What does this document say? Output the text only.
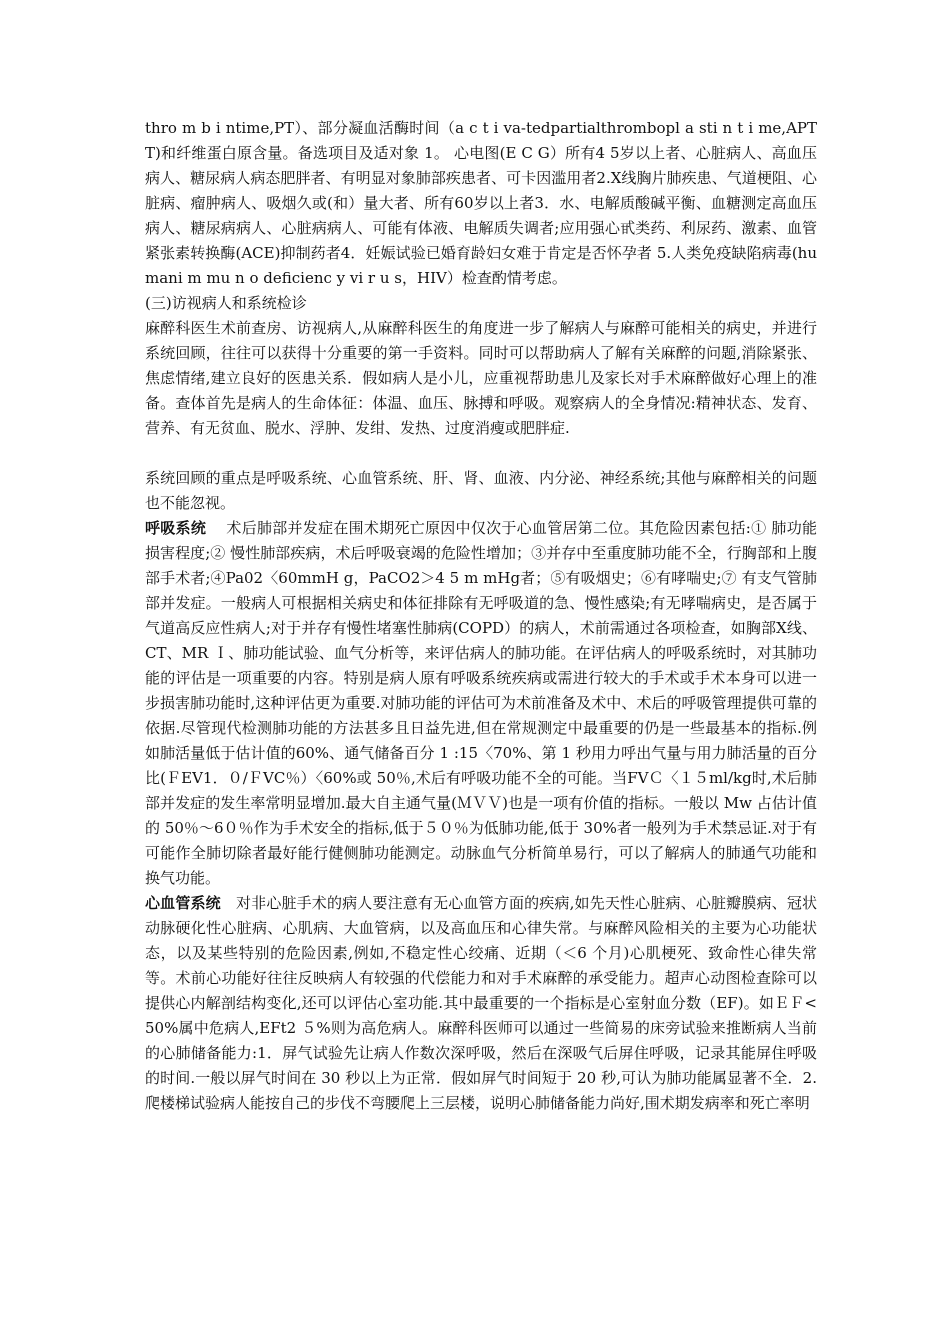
thro m b i ntime,PT）、部分凝血活酶时间（a c t i va-tedpartialthrombopl a sti n t i me,APTT)和纤维蛋白原含量。备选项目及适对象 1。 心电图(E C G）所有4 5岁以上者、心脏病人、高血压病人、糖尿病人病态肥胖者、有明显对象肺部疾患者、可卡因滥用者2.X线胸片肺疾患、气道梗阻、心脏病、瘤肿病人、吸烟久或(和）量大者、所有60岁以上者3．水、电解质酸碱平衡、血糖测定高血压病人、糖尿病病人、心脏病病人、可能有体液、电解质失调者;应用强心甙类药、利尿药、激素、血管紧张素转换酶(ACE)抑制药者4．妊娠试验已婚育龄妇女难于肯定是否怀孕者 5.人类免疫缺陷病毒(humani m mu n o deficienc y vi r u s，HIV）检查酌情考虑。

(三)访视病人和系统检诊

麻醉科医生术前查房、访视病人,从麻醉科医生的角度进一步了解病人与麻醉可能相关的病史，并进行系统回顾，往往可以获得十分重要的第一手资料。同时可以帮助病人了解有关麻醉的问题,消除紧张、焦虑情绪,建立良好的医患关系．假如病人是小儿，应重视帮助患儿及家长对手术麻醉做好心理上的准备。查体首先是病人的生命体征：体温、血压、脉搏和呼吸。观察病人的全身情况:精神状态、发育、营养、有无贫血、脱水、浮肿、发绀、发热、过度消瘦或肥胖症.

系统回顾的重点是呼吸系统、心血管系统、肝、肾、血液、内分泌、神经系统;其他与麻醉相关的问题也不能忽视。

呼吸系统　 术后肺部并发症在围术期死亡原因中仅次于心血管居第二位。其危险因素包括:① 肺功能损害程度;② 慢性肺部疾病，术后呼吸衰竭的危险性增加；③并存中至重度肺功能不全，行胸部和上腹部手术者;④Pa02〈60mmH g，PaCO2＞4 5 m mHg者；⑤有吸烟史；⑥有哮喘史;⑦ 有支气管肺部并发症。一般病人可根据相关病史和体征排除有无呼吸道的急、慢性感染;有无哮喘病史，是否属于气道高反应性病人;对于并存有慢性堵塞性肺病(COPD）的病人，术前需通过各项检查，如胸部X线、CT、MR Ｉ、肺功能试验、血气分析等，来评估病人的肺功能。在评估病人的呼吸系统时，对其肺功能的评估是一项重要的内容。特别是病人原有呼吸系统疾病或需进行较大的手术或手术本身可以进一步损害肺功能时,这种评估更为重要.对肺功能的评估可为术前准备及术中、术后的呼吸管理提供可靠的依据.尽管现代检测肺功能的方法甚多且日益先进,但在常规测定中最重要的仍是一些最基本的指标.例如肺活量低于估计值的60%、通气储备百分 1 :15〈70%、第 1 秒用力呼出气量与用力肺活量的百分比(ＦEV1．０/ＦVC％）〈60%或 50％,术后有呼吸功能不全的可能。当FVＣ〈１５ml/kg时,术后肺部并发症的发生率常明显增加.最大自主通气量(ＭＶＶ)也是一项有价值的指标。一般以 Mw 占估计值的 50％～6０％作为手术安全的指标,低于５０％为低肺功能,低于 30%者一般列为手术禁忌证.对于有可能作全肺切除者最好能行健侧肺功能测定。动脉血气分析简单易行，可以了解病人的肺通气功能和换气功能。

心血管系统　对非心脏手术的病人要注意有无心血管方面的疾病,如先天性心脏病、心脏瓣膜病、冠状动脉硬化性心脏病、心肌病、大血管病，以及高血压和心律失常。与麻醉风险相关的主要为心功能状态，以及某些特别的危险因素,例如,不稳定性心绞痛、近期（＜6 个月)心肌梗死、致命性心律失常等。术前心功能好往往反映病人有较强的代偿能力和对手术麻醉的承受能力。超声心动图检查除可以提供心内解剖结构变化,还可以评估心室功能.其中最重要的一个指标是心室射血分数（EF)。如ＥＦ<50%属中危病人,EFt2 ５%则为高危病人。麻醉科医师可以通过一些简易的床旁试验来推断病人当前的心肺储备能力:1．屏气试验先让病人作数次深呼吸，然后在深吸气后屏住呼吸，记录其能屏住呼吸的时间.一般以屏气时间在 30 秒以上为正常．假如屏气时间短于 20 秒,可认为肺功能属显著不全．2.爬楼梯试验病人能按自己的步伐不弯腰爬上三层楼，说明心肺储备能力尚好,围术期发病率和死亡率明
